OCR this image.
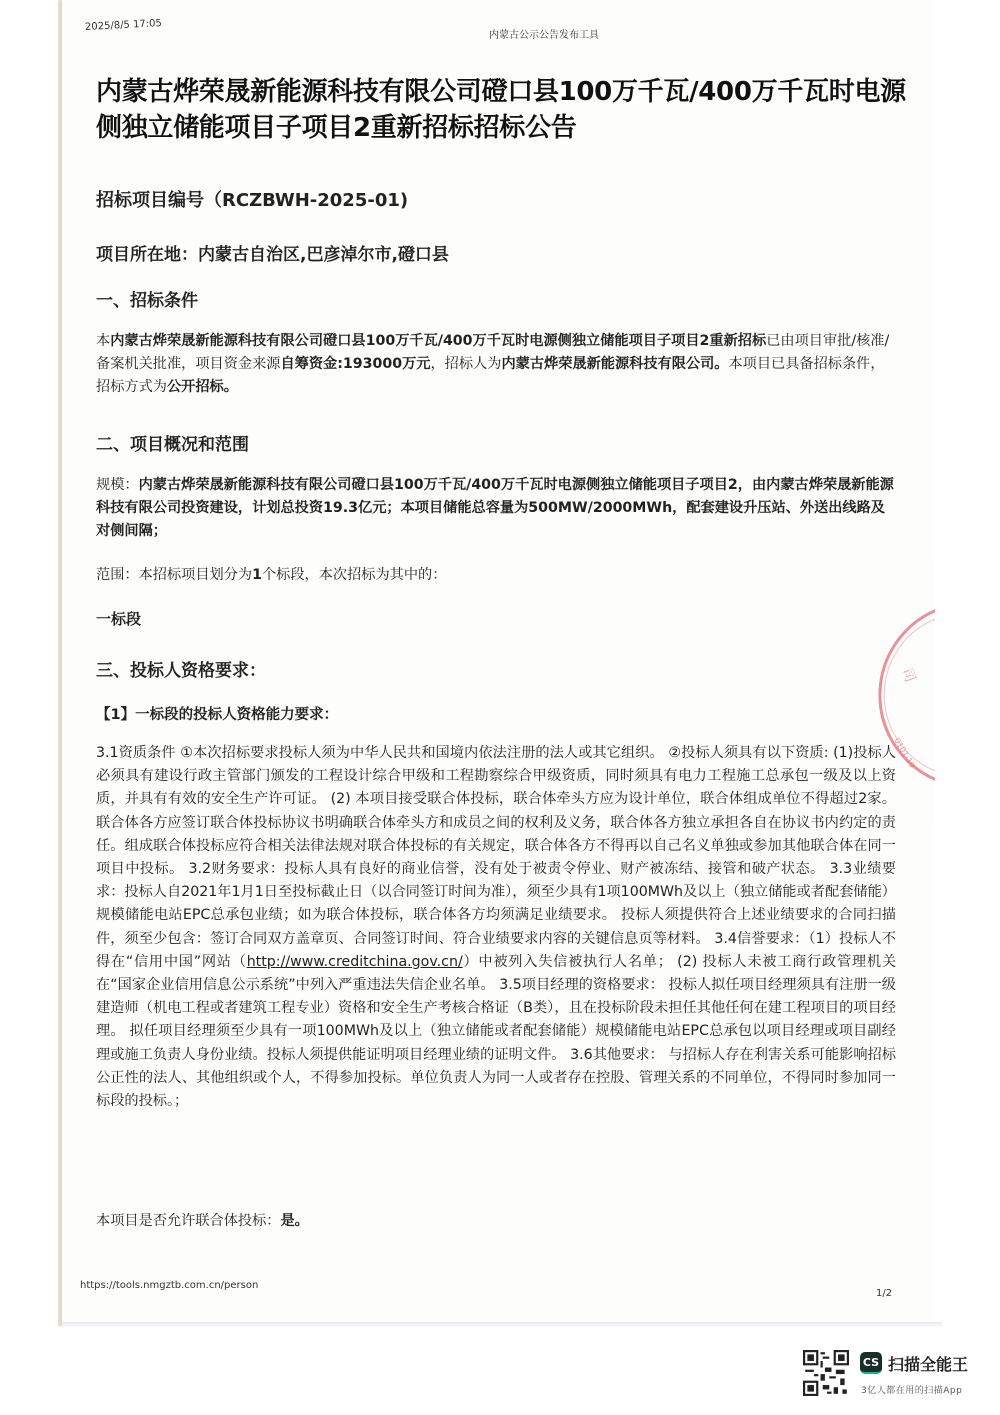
2025/8/5 17:05
内蒙古公示公告发布工具
内蒙古烨荣晟新能源科技有限公司磴口县100万千瓦/400万千瓦时电源侧独立储能项目子项目2重新招标招标公告
招标项目编号（RCZBWH-2025-01)
项目所在地：内蒙古自治区,巴彦淖尔市,磴口县
一、招标条件
本内蒙古烨荣晟新能源科技有限公司磴口县100万千瓦/400万千瓦时电源侧独立储能项目子项目2重新招标已由项目审批/核准/备案机关批准，项目资金来源自筹资金:193000万元，招标人为内蒙古烨荣晟新能源科技有限公司。本项目已具备招标条件，招标方式为公开招标。
二、项目概况和范围
规模：内蒙古烨荣晟新能源科技有限公司磴口县100万千瓦/400万千瓦时电源侧独立储能项目子项目2，由内蒙古烨荣晟新能源科技有限公司投资建设，计划总投资19.3亿元；本项目储能总容量为500MW/2000MWh，配套建设升压站、外送出线路及对侧间隔；
范围：本招标项目划分为1个标段，本次招标为其中的：
一标段
三、投标人资格要求：
【1】一标段的投标人资格能力要求：
3.1资质条件 ①本次招标要求投标人须为中华人民共和国境内依法注册的法人或其它组织。 ②投标人须具有以下资质: (1)投标人必须具有建设行政主管部门颁发的工程设计综合甲级和工程勘察综合甲级资质，同时须具有电力工程施工总承包一级及以上资质，并具有有效的安全生产许可证。 (2) 本项目接受联合体投标，联合体牵头方应为设计单位，联合体组成单位不得超过2家。联合体各方应签订联合体投标协议书明确联合体牵头方和成员之间的权利及义务，联合体各方独立承担各自在协议书内约定的责任。组成联合体投标应符合相关法律法规对联合体投标的有关规定，联合体各方不得再以自己名义单独或参加其他联合体在同一项目中投标。 3.2财务要求：投标人具有良好的商业信誉，没有处于被责令停业、财产被冻结、接管和破产状态。 3.3业绩要求：投标人自2021年1月1日至投标截止日（以合同签订时间为准），须至少具有1项100MWh及以上（独立储能或者配套储能）规模储能电站EPC总承包业绩；如为联合体投标，联合体各方均须满足业绩要求。 投标人须提供符合上述业绩要求的合同扫描件，须至少包含：签订合同双方盖章页、合同签订时间、符合业绩要求内容的关键信息页等材料。 3.4信誉要求：（1）投标人不得在“信用中国”网站（http://www.creditchina.gov.cn/）中被列入失信被执行人名单； (2) 投标人未被工商行政管理机关在“国家企业信用信息公示系统”中列入严重违法失信企业名单。 3.5项目经理的资格要求： 投标人拟任项目经理须具有注册一级建造师（机电工程或者建筑工程专业）资格和安全生产考核合格证（B类），且在投标阶段未担任其他任何在建工程项目的项目经理。 拟任项目经理须至少具有一项100MWh及以上（独立储能或者配套储能）规模储能电站EPC总承包以项目经理或项目副经理或施工负责人身份业绩。投标人须提供能证明项目经理业绩的证明文件。 3.6其他要求： 与招标人存在利害关系可能影响招标公正性的法人、其他组织或个人，不得参加投标。单位负责人为同一人或者存在控股、管理关系的不同单位，不得同时参加同一标段的投标。；
本项目是否允许联合体投标：是。
https://tools.nmgztb.com.cn/person
1/2
司
0101·19
CS 扫描全能王
3亿人都在用的扫描App
